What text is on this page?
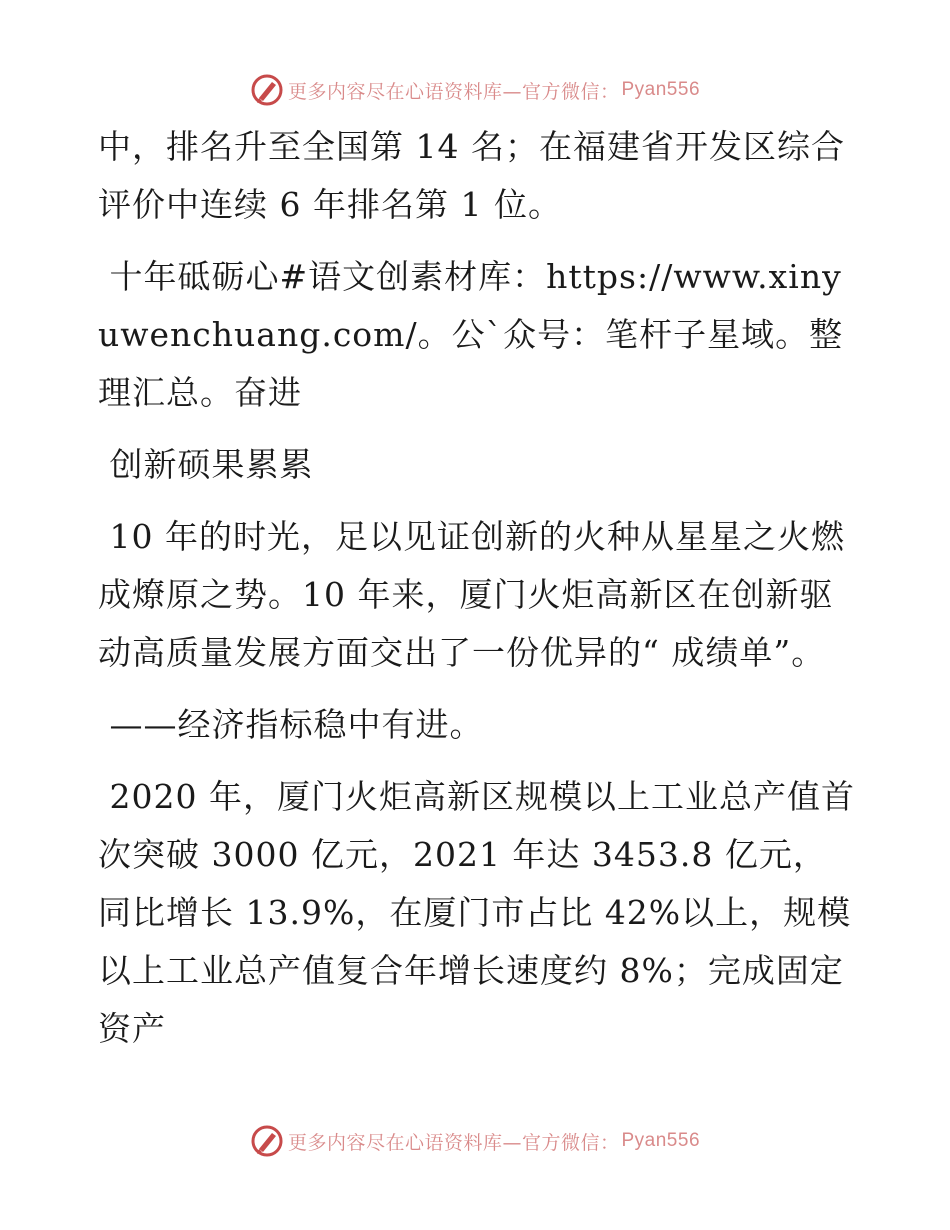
更多内容尽在心语资料库—官方微信： Pyan556

中，排名升至全国第 14 名；在福建省开发区综合评价中连续 6 年排名第 1 位。

十年砥砺心#语文创素材库：https://www.xinyuwenchuang.com/。公`众号：笔杆子星域。整理汇总。奋进

创新硕果累累

10 年的时光，足以见证创新的火种从星星之火燃成燎原之势。10 年来，厦门火炬高新区在创新驱动高质量发展方面交出了一份优异的“ 成绩单”。

——经济指标稳中有进。

2020 年，厦门火炬高新区规模以上工业总产值首次突破 3000 亿元，2021 年达 3453.8 亿元，同比增长 13.9%，在厦门市占比 42%以上，规模以上工业总产值复合年增长速度约 8%；完成固定资产

更多内容尽在心语资料库—官方微信： Pyan556
